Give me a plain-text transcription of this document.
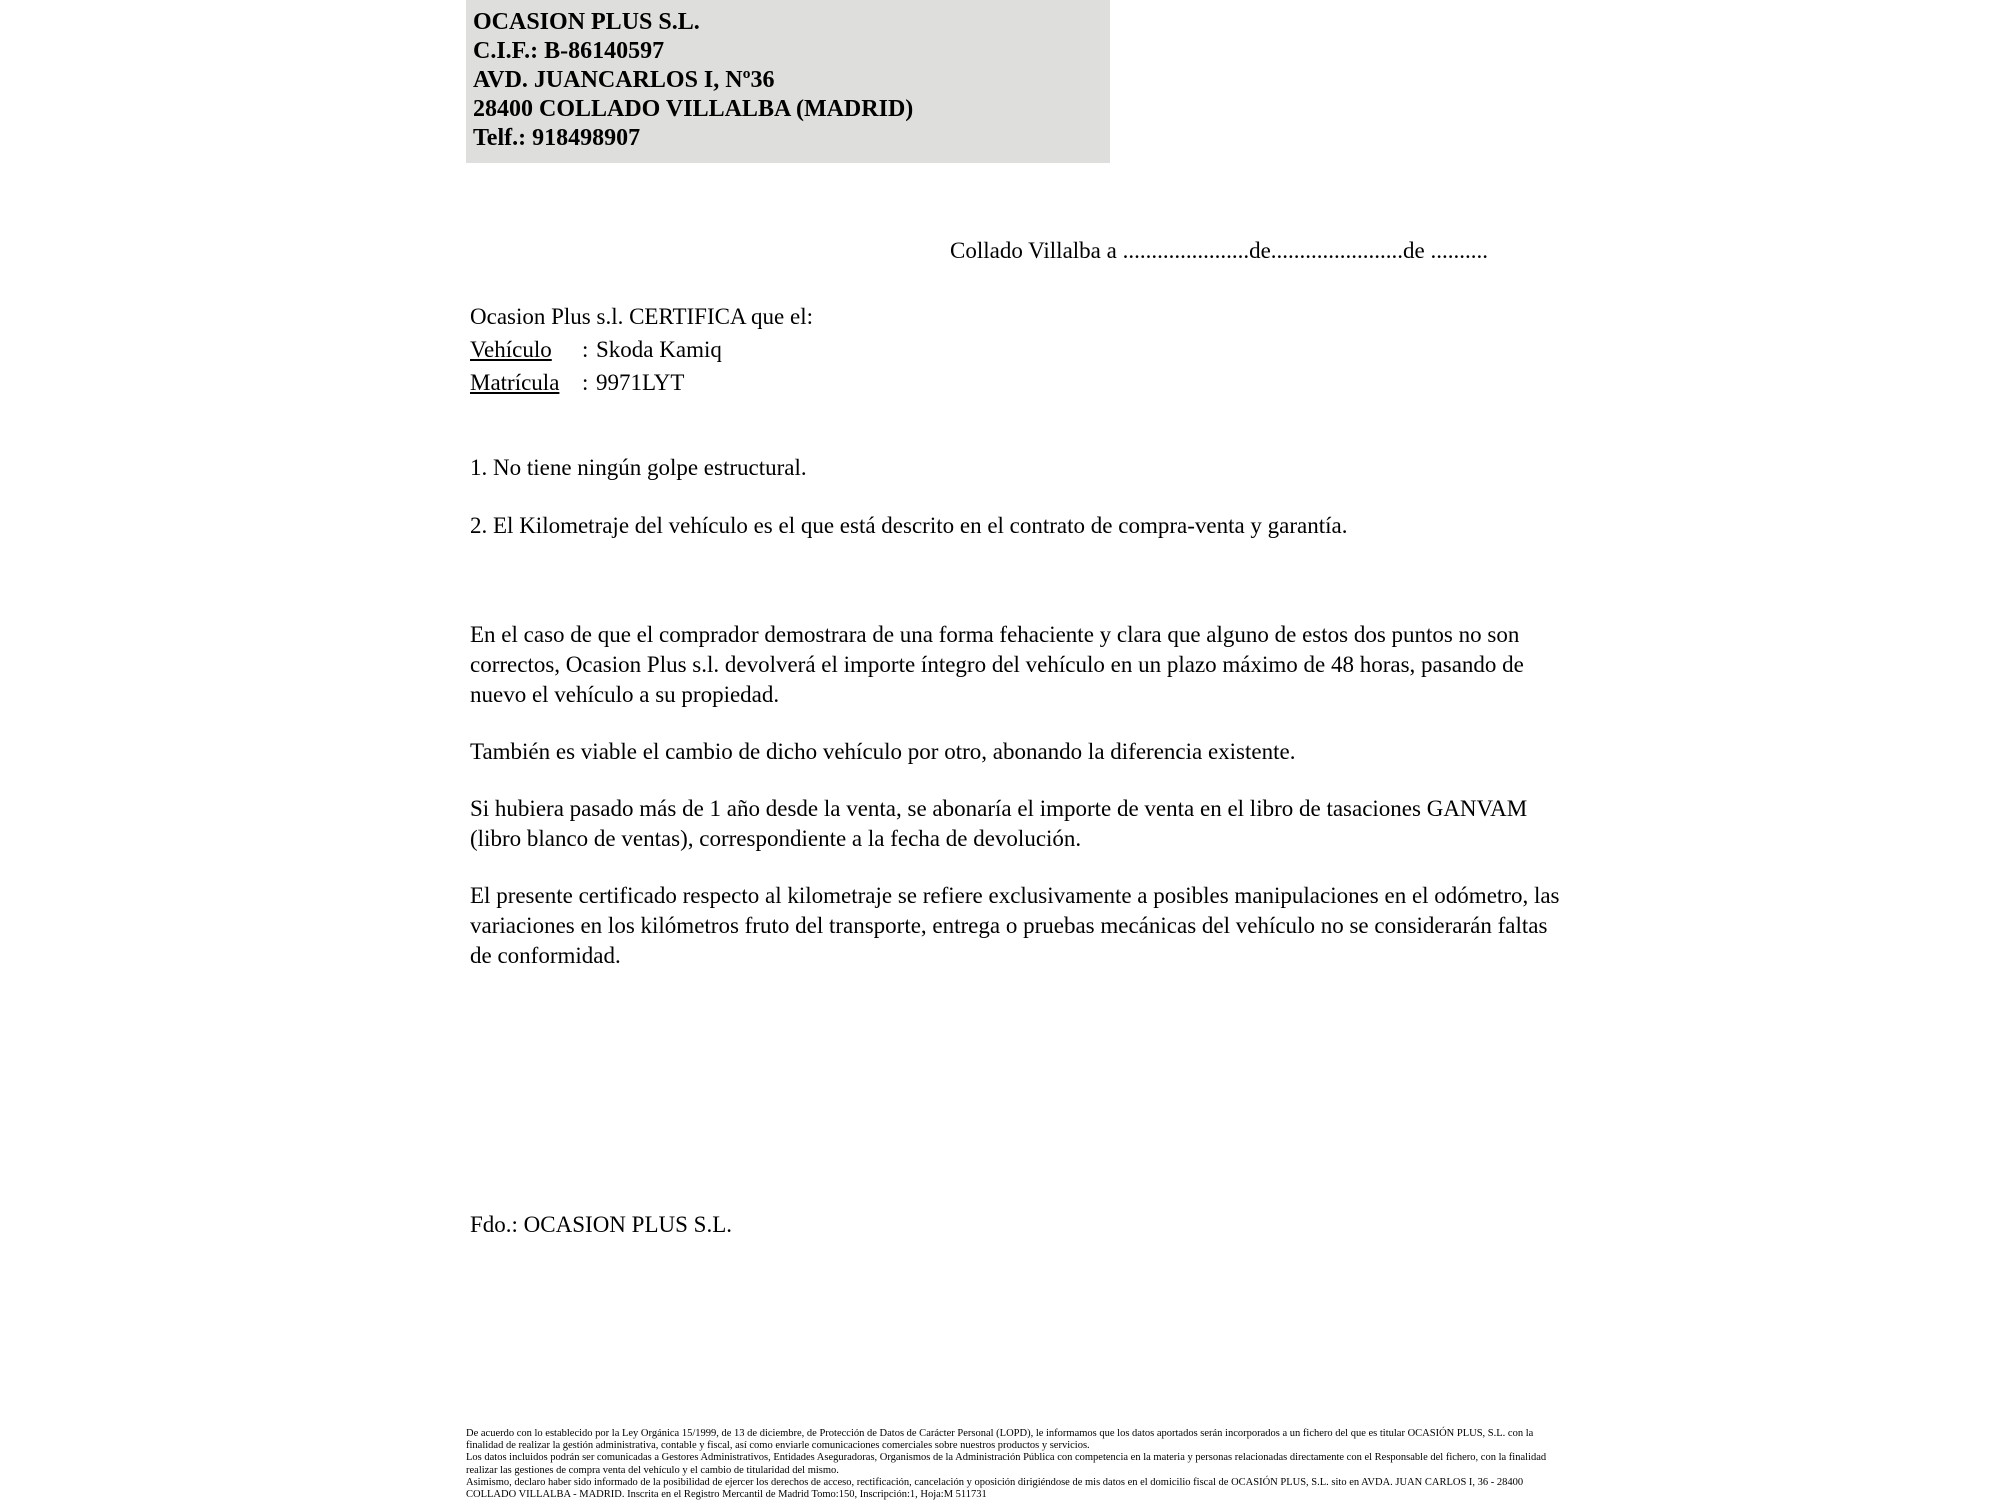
OCASION PLUS S.L.
C.I.F.: B-86140597
AVD. JUANCARLOS I, Nº36
28400 COLLADO VILLALBA (MADRID)
Telf.: 918498907
Collado Villalba a ......................de.......................de ..........
Ocasion Plus s.l. CERTIFICA que el:
Vehículo : Skoda Kamiq
Matrícula : 9971LYT
1. No tiene ningún golpe estructural.
2. El Kilometraje del vehículo es el que está descrito en el contrato de compra-venta y garantía.

En el caso de que el comprador demostrara de una forma fehaciente y clara que alguno de estos dos puntos no son correctos, Ocasion Plus s.l. devolverá el importe íntegro del vehículo en un plazo máximo de 48 horas, pasando de nuevo el vehículo a su propiedad.

También es viable el cambio de dicho vehículo por otro, abonando la diferencia existente.

Si hubiera pasado más de 1 año desde la venta, se abonaría el importe de venta en el libro de tasaciones GANVAM (libro blanco de ventas), correspondiente a la fecha de devolución.

El presente certificado respecto al kilometraje se refiere exclusivamente a posibles manipulaciones en el odómetro, las variaciones en los kilómetros fruto del transporte, entrega o pruebas mecánicas del vehículo no se considerarán faltas de conformidad.

Fdo.: OCASION PLUS S.L.

De acuerdo con lo establecido por la Ley Orgánica 15/1999, de 13 de diciembre, de Protección de Datos de Carácter Personal (LOPD), le informamos que los datos aportados serán incorporados a un fichero del que es titular OCASIÓN PLUS, S.L. con la finalidad de realizar la gestión administrativa, contable y fiscal, así como enviarle comunicaciones comerciales sobre nuestros productos y servicios.

Los datos incluidos podrán ser comunicadas a Gestores Administrativos, Entidades Aseguradoras, Organismos de la Administración Pública con competencia en la materia y personas relacionadas directamente con el Responsable del fichero, con la finalidad realizar las gestiones de compra venta del vehículo y el cambio de titularidad del mismo.

Asimismo, declaro haber sido informado de la posibilidad de ejercer los derechos de acceso, rectificación, cancelación y oposición dirigiéndose de mis datos en el domicilio fiscal de OCASIÓN PLUS, S.L. sito en AVDA. JUAN CARLOS I, 36 - 28400 COLLADO VILLALBA - MADRID. Inscrita en el Registro Mercantil de Madrid Tomo:150, Inscripción:1, Hoja:M 511731
